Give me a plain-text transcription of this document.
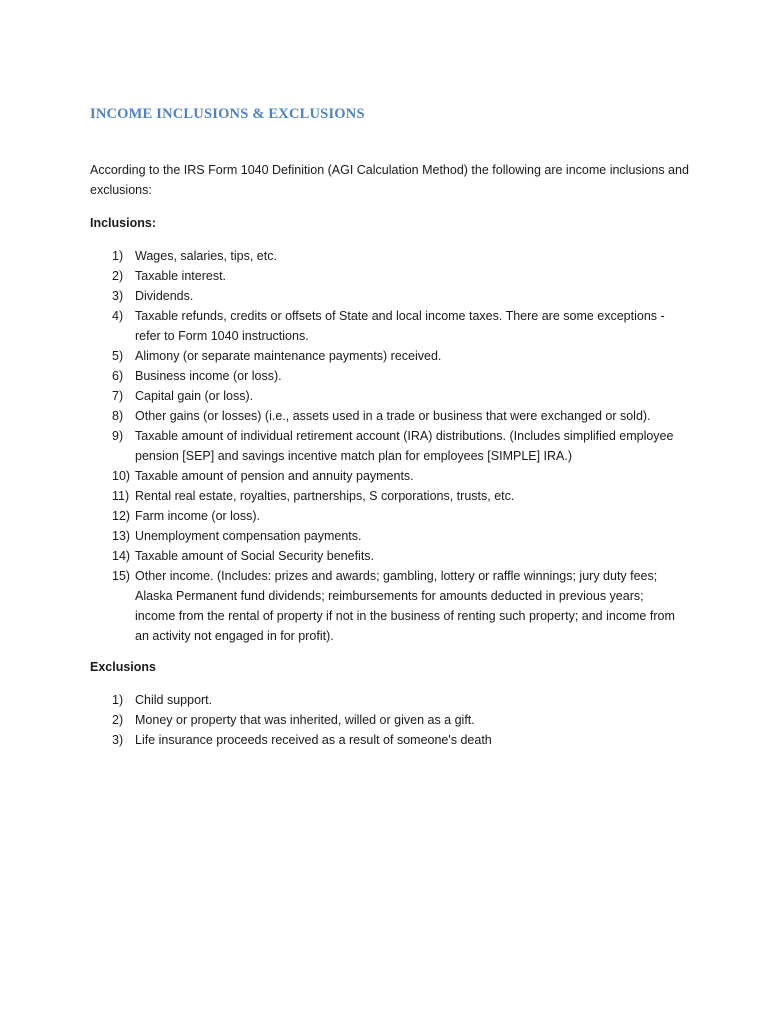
INCOME INCLUSIONS & EXCLUSIONS

According to the IRS Form 1040 Definition (AGI Calculation Method) the following are income inclusions and exclusions:

Inclusions:
1) Wages, salaries, tips, etc.
2) Taxable interest.
3) Dividends.
4) Taxable refunds, credits or offsets of State and local income taxes. There are some exceptions - refer to Form 1040 instructions.
5) Alimony (or separate maintenance payments) received.
6) Business income (or loss).
7) Capital gain (or loss).
8) Other gains (or losses) (i.e., assets used in a trade or business that were exchanged or sold).
9) Taxable amount of individual retirement account (IRA) distributions. (Includes simplified employee pension [SEP] and savings incentive match plan for employees [SIMPLE] IRA.)
10) Taxable amount of pension and annuity payments.
11) Rental real estate, royalties, partnerships, S corporations, trusts, etc.
12) Farm income (or loss).
13) Unemployment compensation payments.
14) Taxable amount of Social Security benefits.
15) Other income. (Includes: prizes and awards; gambling, lottery or raffle winnings; jury duty fees; Alaska Permanent fund dividends; reimbursements for amounts deducted in previous years; income from the rental of property if not in the business of renting such property; and income from an activity not engaged in for profit).
Exclusions
1) Child support.
2) Money or property that was inherited, willed or given as a gift.
3) Life insurance proceeds received as a result of someone's death
